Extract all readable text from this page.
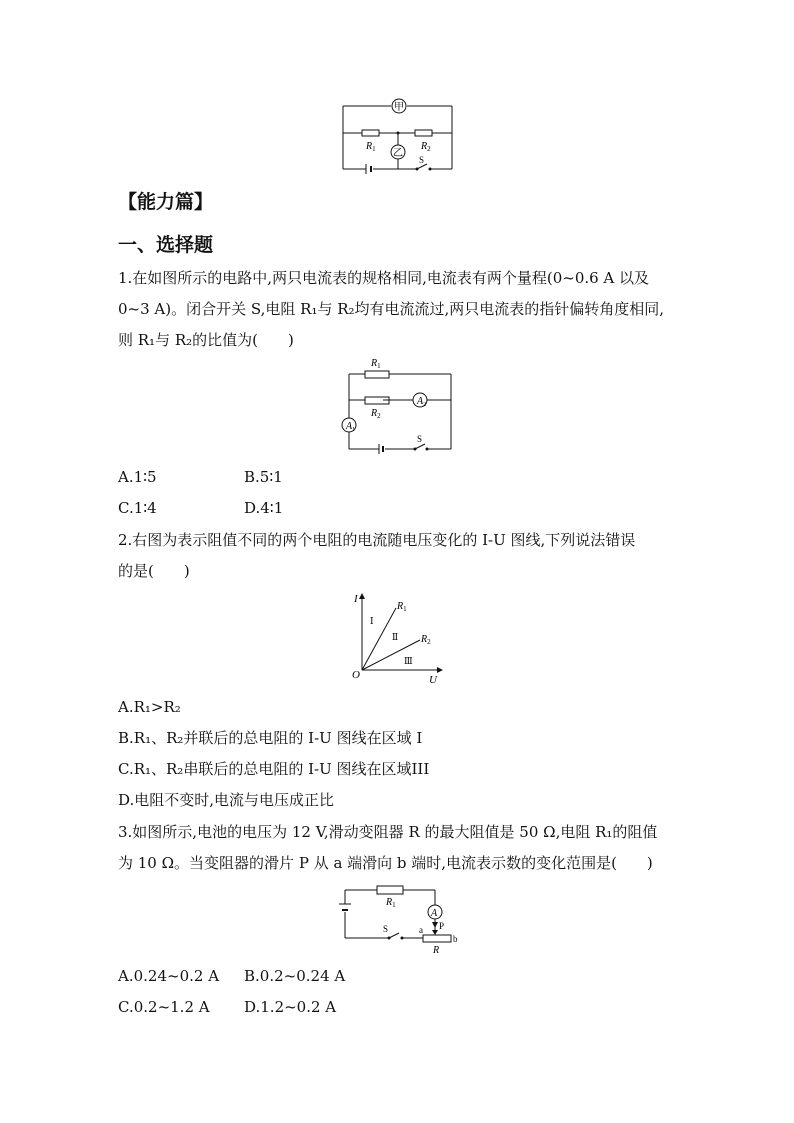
甲
乙
$R_1$	$R_2$
S
【能力篇】
一、选择题
1.在如图所示的电路中,两只电流表的规格相同,电流表有两个量程(0~0.6 A 以及
0~3 A)。闭合开关 S,电阻 R₁与 R₂均有电流流过,两只电流表的指针偏转角度相同,
则 R₁与 R₂的比值为(　　)
$A_2$
$A_1$
$R_1$
$R_2$
S
A.1∶5	B.5∶1
C.1∶4	D.4∶1
2.右图为表示阻值不同的两个电阻的电流随电压变化的 I-U 图线,下列说法错误
的是(　　)
I
U
O
$R_1$
$R_2$
Ⅰ
Ⅱ
Ⅲ
A.R₁>R₂
B.R₁、R₂并联后的总电阻的 I-U 图线在区域 I
C.R₁、R₂串联后的总电阻的 I-U 图线在区域III
D.电阻不变时,电流与电压成正比
3.如图所示,电池的电压为 12 V,滑动变阻器 R 的最大阻值是 50 Ω,电阻 R₁的阻值
为 10 Ω。当变阻器的滑片 P 从 a 端滑向 b 端时,电流表示数的变化范围是(　　)
A
$R_1$
S	P
a
b
R
A.0.24~0.2 A B.0.2~0.24 A
C.0.2~1.2 A D.1.2~0.2 A
